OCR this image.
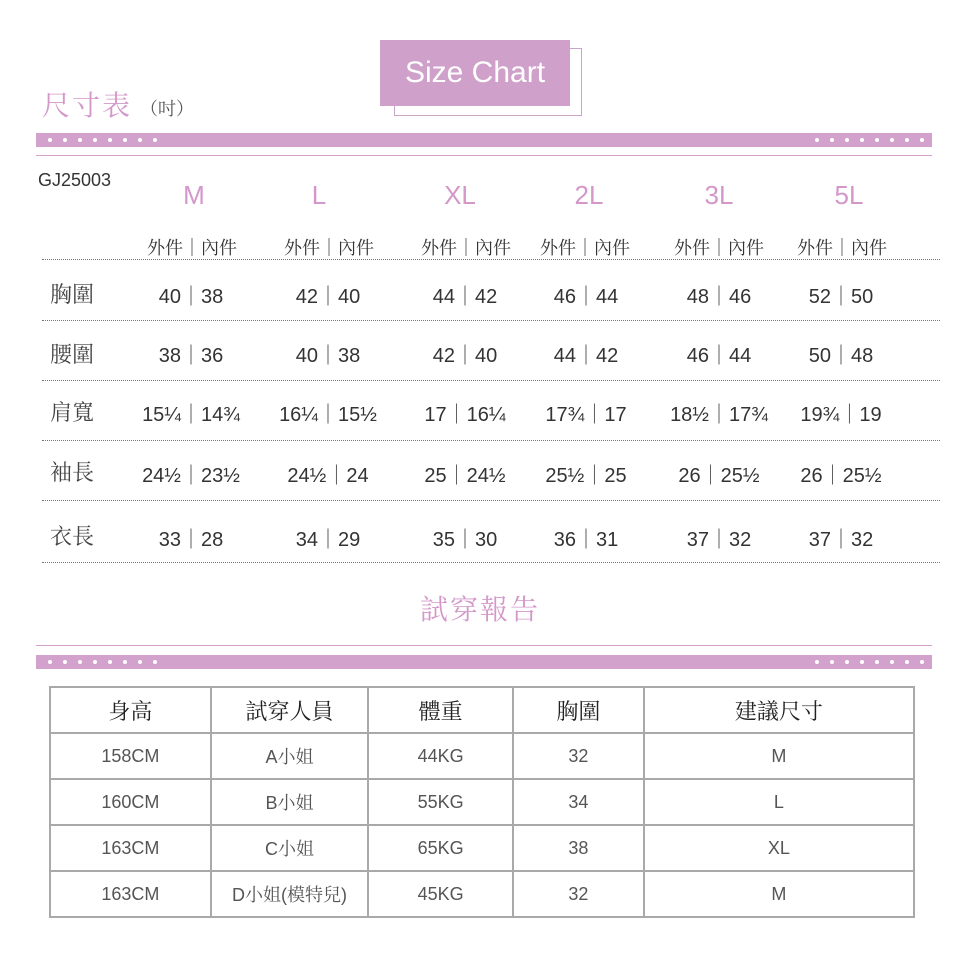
Size Chart
尺寸表 （吋）
GJ25003	M	L	XL	2L	3L	5L
外件｜內件	外件｜內件	外件｜內件	外件｜內件	外件｜內件	外件｜內件
胸圍	40｜38	42｜40	44｜42	46｜44	48｜46	52｜50
腰圍	38｜36	40｜38	42｜40	44｜42	46｜44	50｜48
肩寬	15¼｜14¾	16¼｜15½	17｜16¼	17¾｜17	18½｜17¾	19¾｜19
袖長	24½｜23½	24½｜24	25｜24½	25½｜25	26｜25½	26｜25½
衣長	33｜28	34｜29	35｜30	36｜31	37｜32	37｜32
試穿報告
身高	試穿人員	體重	胸圍	建議尺寸
158CM	A小姐	44KG	32	M
160CM	B小姐	55KG	34	L
163CM	C小姐	65KG	38	XL
163CM	D小姐(模特兒)	45KG	32	M
